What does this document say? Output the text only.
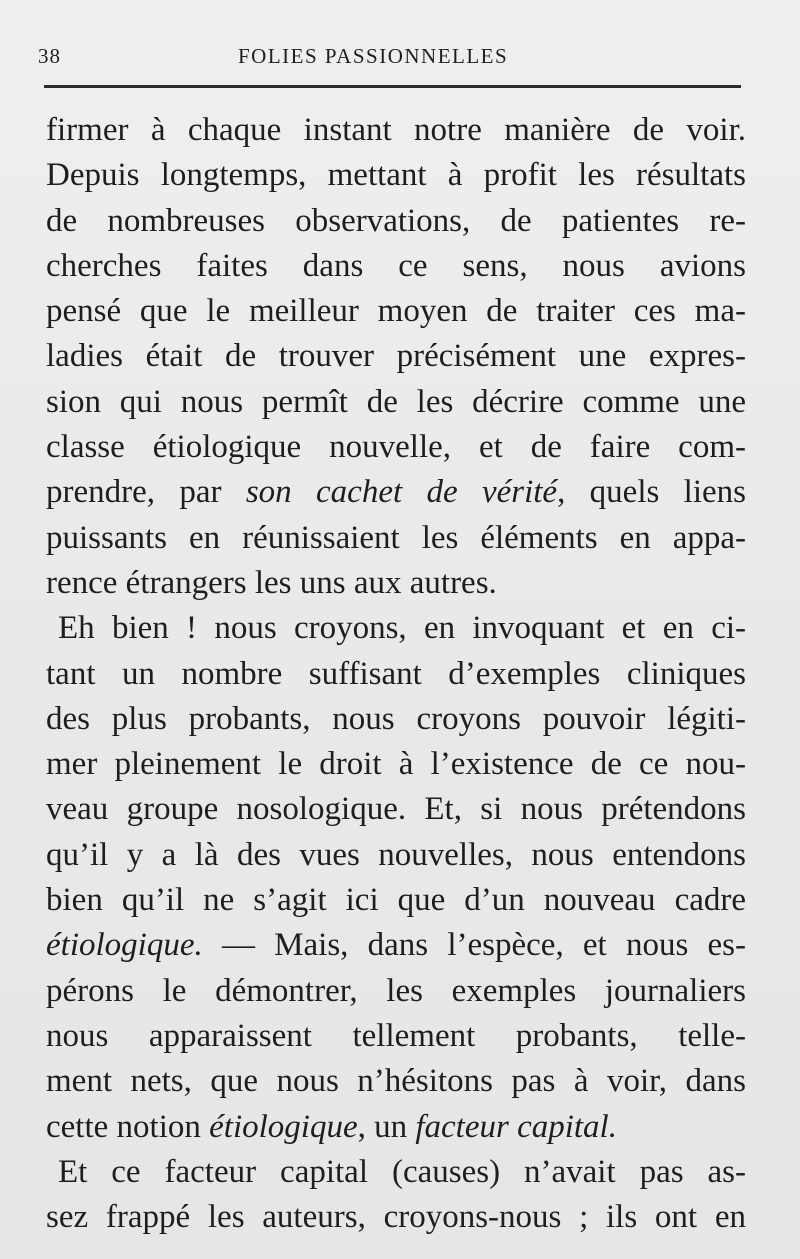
38	FOLIES PASSIONNELLES
firmer à chaque instant notre manière de voir.
Depuis longtemps, mettant à profit les résultats
de nombreuses observations, de patientes re-
cherches faites dans ce sens, nous avions
pensé que le meilleur moyen de traiter ces ma-
ladies était de trouver précisément une expres-
sion qui nous permît de les décrire comme une
classe étiologique nouvelle, et de faire com-
prendre, par son cachet de vérité, quels liens
puissants en réunissaient les éléments en appa-
rence étrangers les uns aux autres.
Eh bien ! nous croyons, en invoquant et en ci-
tant un nombre suffisant d’exemples cliniques
des plus probants, nous croyons pouvoir légiti-
mer pleinement le droit à l’existence de ce nou-
veau groupe nosologique. Et, si nous prétendons
qu’il y a là des vues nouvelles, nous entendons
bien qu’il ne s’agit ici que d’un nouveau cadre
étiologique. — Mais, dans l’espèce, et nous es-
pérons le démontrer, les exemples journaliers
nous apparaissent tellement probants, telle-
ment nets, que nous n’hésitons pas à voir, dans
cette notion étiologique, un facteur capital.
Et ce facteur capital (causes) n’avait pas as-
sez frappé les auteurs, croyons-nous ; ils ont en
